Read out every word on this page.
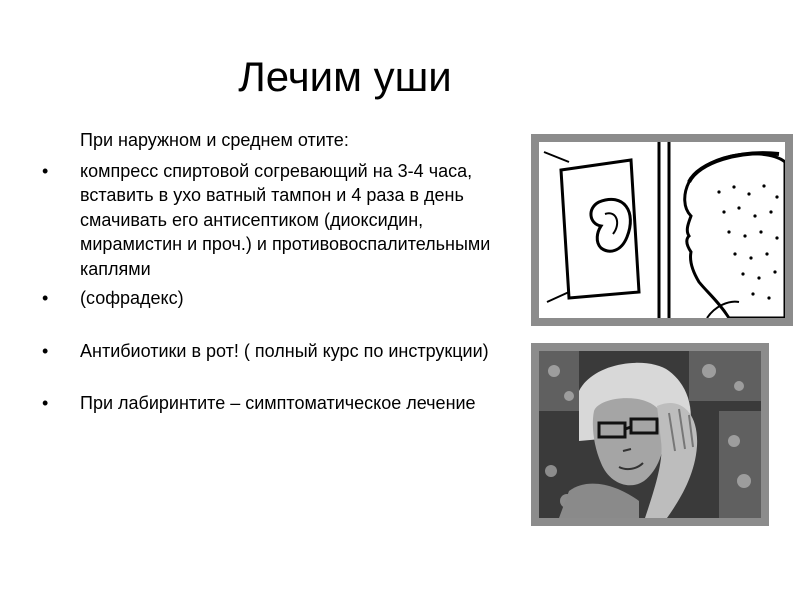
Лечим уши
При наружном и среднем отите:
• компресс спиртовой согревающий на 3-4 часа, вставить в ухо ватный тампон и 4 раза в день смачивать его антисептиком (диоксидин, мирамистин и проч.) и противовоспалительными каплями
• (софрадекс)
• Антибиотики в рот! ( полный курс по инструкции)
• При лабиринтите – симптоматическое лечение
